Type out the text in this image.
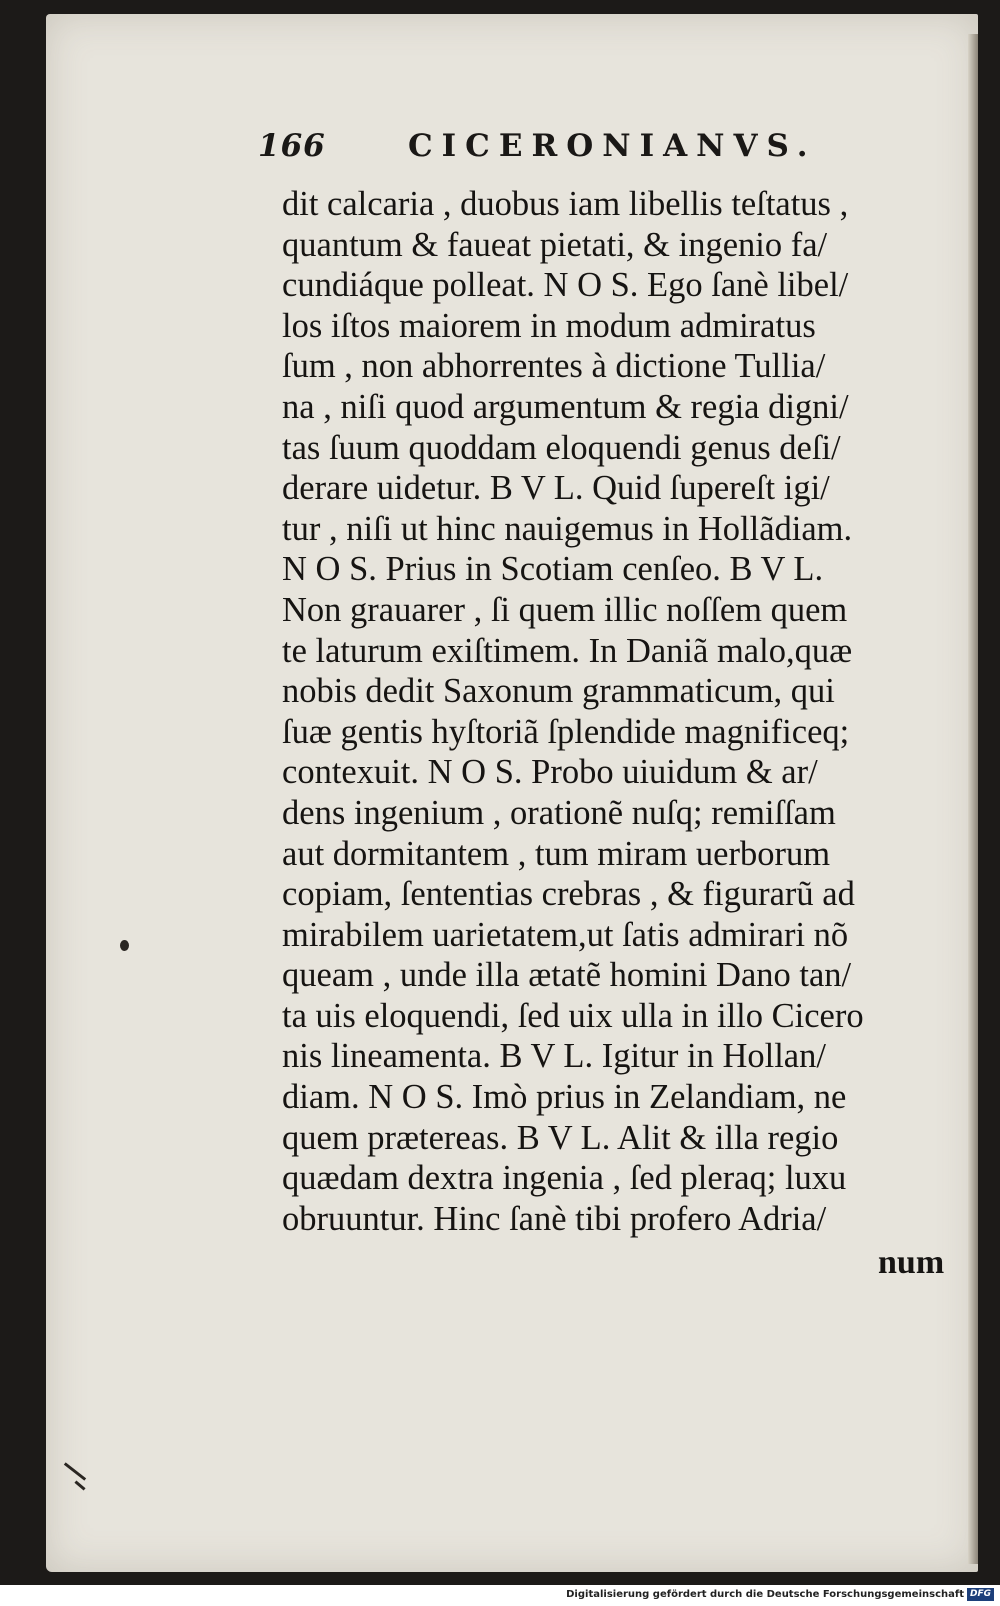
166	CICERONIANVS.
dit calcaria , duobus iam libellis teſtatus ,
quantum & faueat pietati, & ingenio fa/
cundiáque polleat. N O S. Ego ſanè libel/
los iſtos maiorem in modum admiratus
ſum , non abhorrentes à dictione Tullia/
na , niſi quod argumentum & regia digni/
tas ſuum quoddam eloquendi genus deſi/
derare uidetur. B V L. Quid ſupereſt igi/
tur , niſi ut hinc nauigemus in Hollãdiam.
N O S. Prius in Scotiam cenſeo. B V L.
Non grauarer , ſi quem illic noſſem quem
te laturum exiſtimem. In Daniã malo,quæ
nobis dedit Saxonum grammaticum, qui
ſuæ gentis hyſtoriã ſplendide magnificeq;
contexuit. N O S. Probo uiuidum & ar/
dens ingenium , orationẽ nuſq; remiſſam
aut dormitantem , tum miram uerborum
copiam, ſententias crebras , & figurarũ ad
mirabilem uarietatem,ut ſatis admirari nõ
queam , unde illa ætatẽ homini Dano tan/
ta uis eloquendi, ſed uix ulla in illo Cicero
nis lineamenta. B V L. Igitur in Hollan/
diam. N O S. Imò prius in Zelandiam, ne
quem prætereas. B V L. Alit & illa regio
quædam dextra ingenia , ſed pleraq; luxu
obruuntur. Hinc ſanè tibi profero Adria/
num
Digitalisierung gefördert durch die Deutsche Forschungsgemeinschaft DFG
